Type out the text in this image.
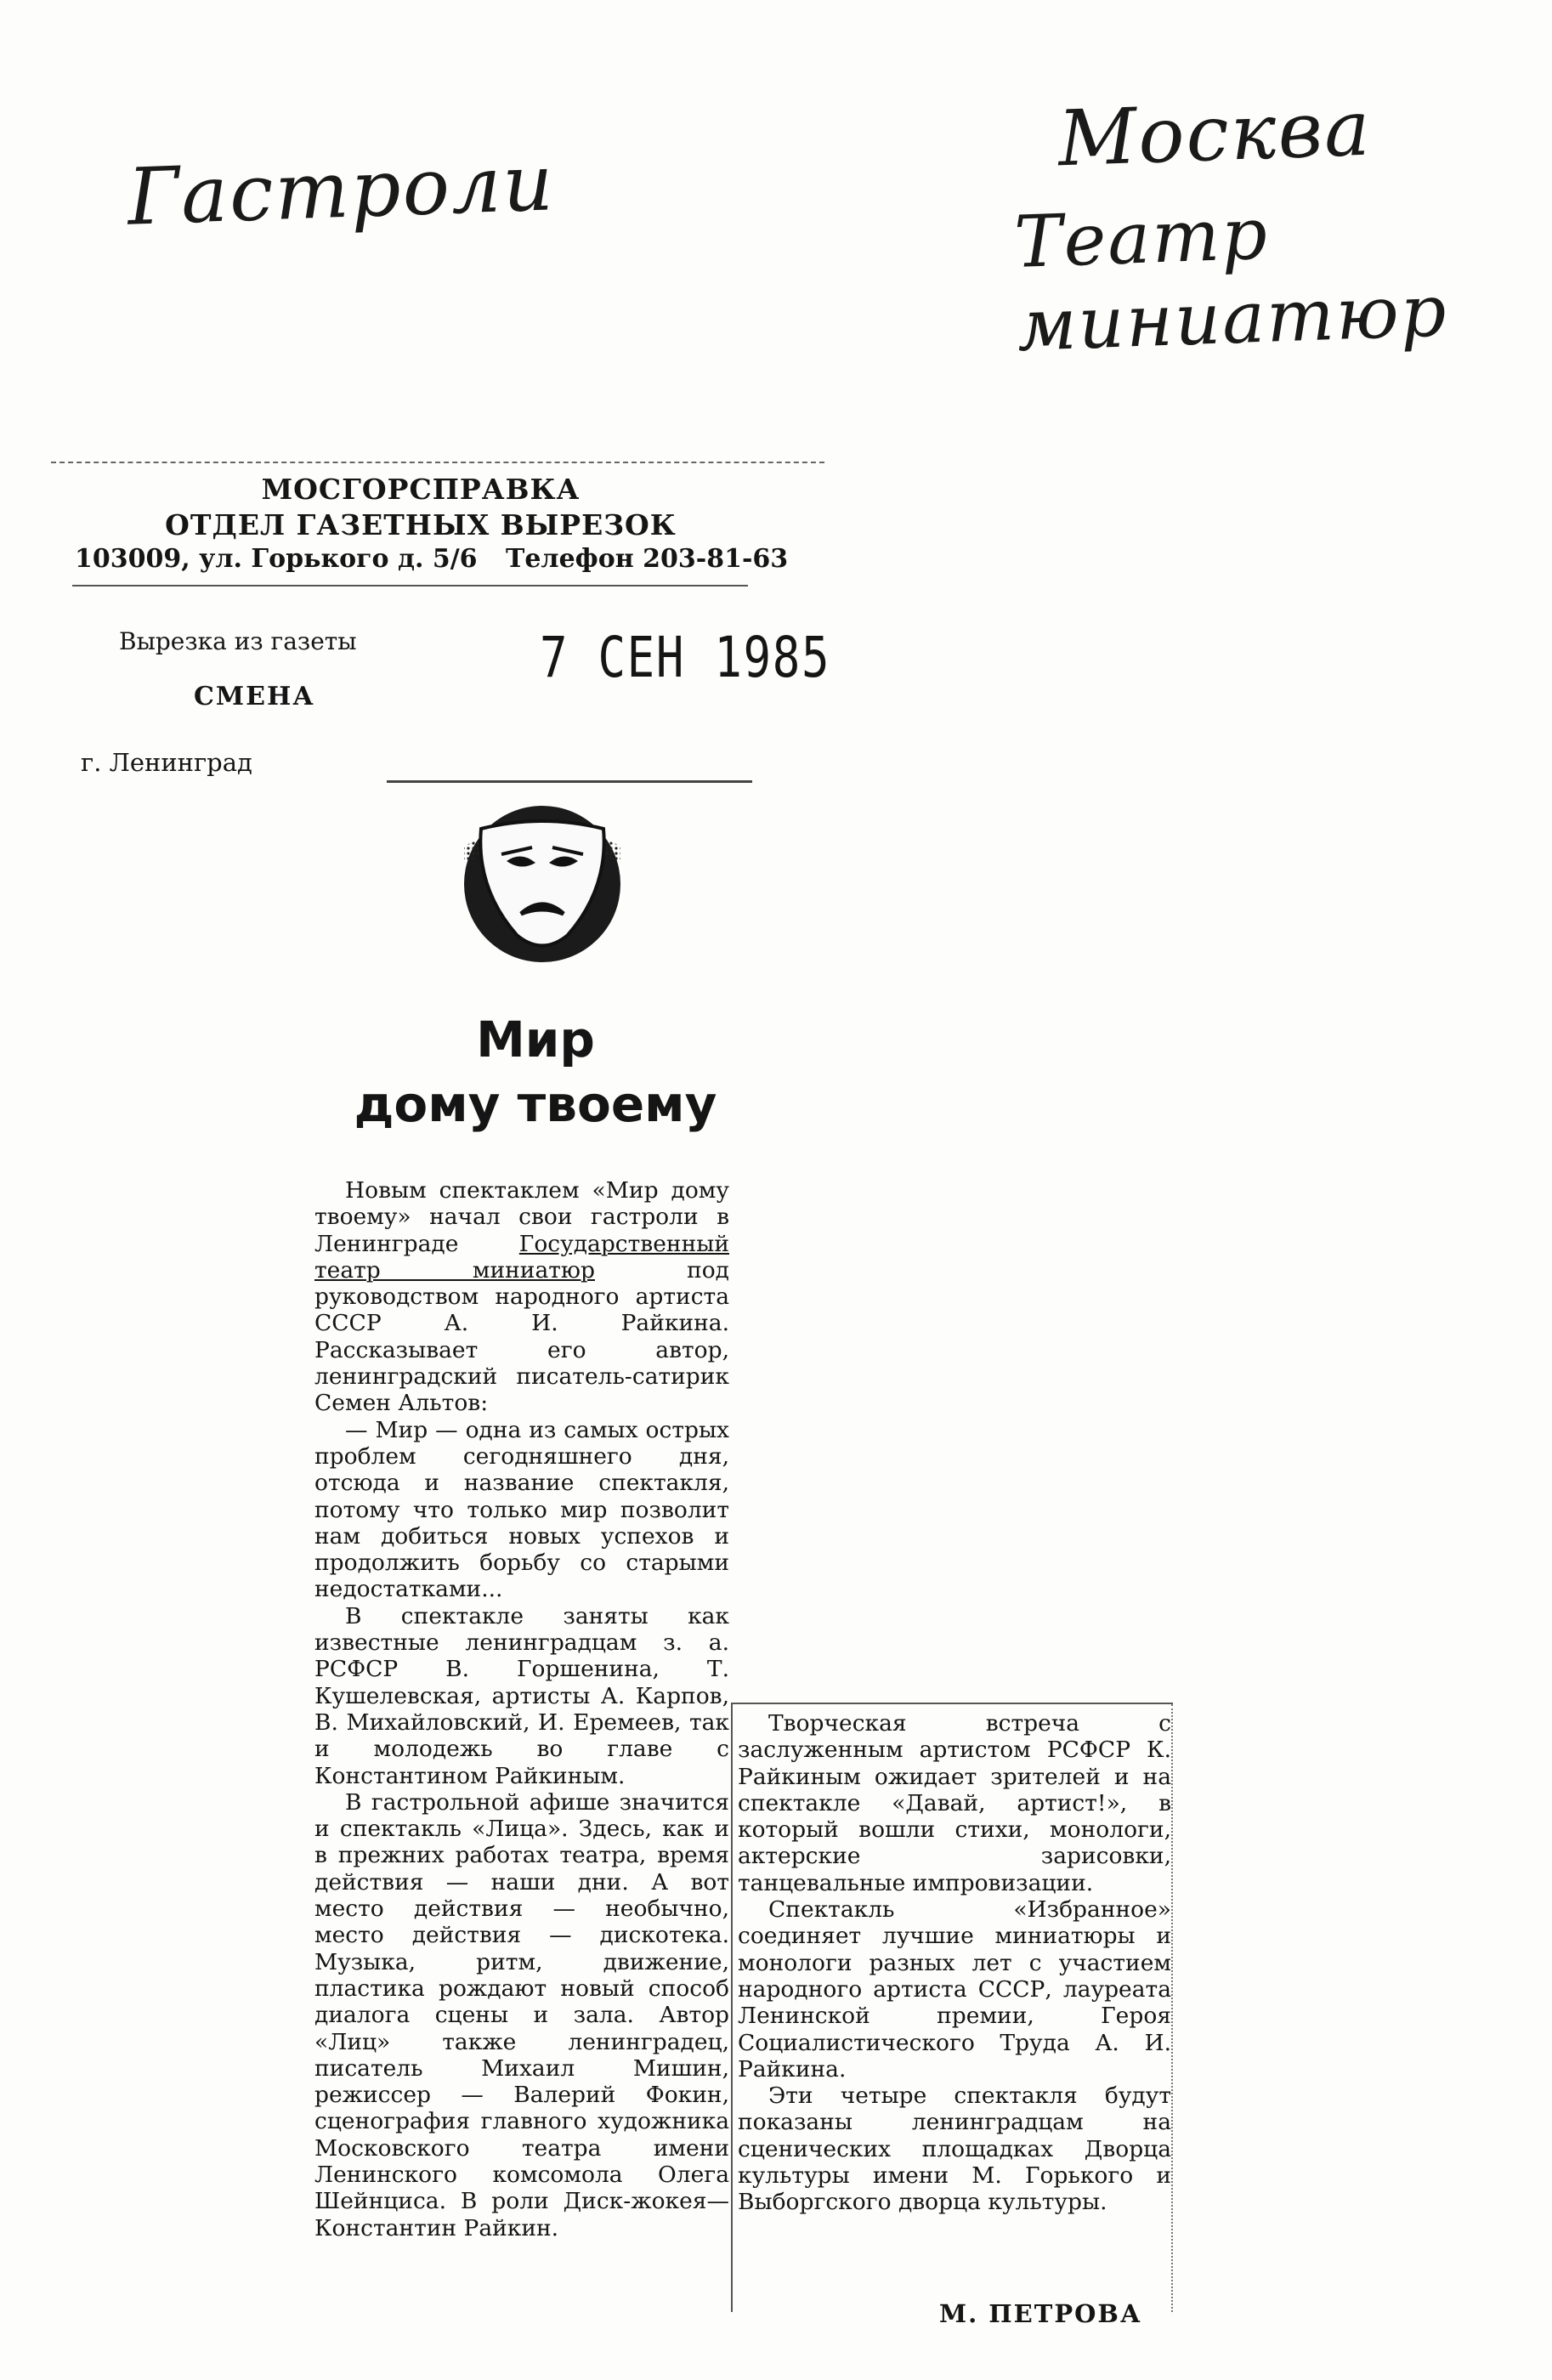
Гастроли
Москва
Театр миниатюр
МОСГОРСПРАВКА
ОТДЕЛ ГАЗЕТНЫХ ВЫРЕЗОК
103009, ул. Горького д. 5/6 Телефон 203-81-63
Вырезка из газеты
СМЕНА
г. Ленинград
7 СЕН 1985
Мир
дому твоему

Новым спектаклем «Мир дому твоему» начал свои гастроли в Ленинграде Государственный театр миниатюр под руководством народного артиста СССР А. И. Райкина. Рассказывает его автор, ленинградский писатель-сатирик Семен Альтов:

— Мир — одна из самых острых проблем сегодняшнего дня, отсюда и название спектакля, потому что только мир позволит нам добиться новых успехов и продолжить борьбу со старыми недостатками...

В спектакле заняты как известные ленинградцам з. а. РСФСР В. Горшенина, Т. Кушелевская, артисты А. Карпов, В. Михайловский, И. Еремеев, так и молодежь во главе с Константином Райкиным.

В гастрольной афише значится и спектакль «Лица». Здесь, как и в прежних работах театра, время действия — наши дни. А вот место действия — необычно, место действия — дискотека. Музыка, ритм, движение, пластика рождают новый способ диалога сцены и зала. Автор «Лиц» также ленинградец, писатель Михаил Мишин, режиссер — Валерий Фокин, сценография главного художника Московского театра имени Ленинского комсомола Олега Шейнциса. В роли Диск-жокея—Константин Райкин.

Творческая встреча с заслуженным артистом РСФСР К. Райкиным ожидает зрителей и на спектакле «Давай, артист!», в который вошли стихи, монологи, актерские зарисовки, танцевальные импровизации.

Спектакль «Избранное» соединяет лучшие миниатюры и монологи разных лет с участием народного артиста СССР, лауреата Ленинской премии, Героя Социалистического Труда А. И. Райкина.

Эти четыре спектакля будут показаны ленинградцам на сценических площадках Дворца культуры имени М. Горького и Выборгского дворца культуры.

М. ПЕТРОВА
